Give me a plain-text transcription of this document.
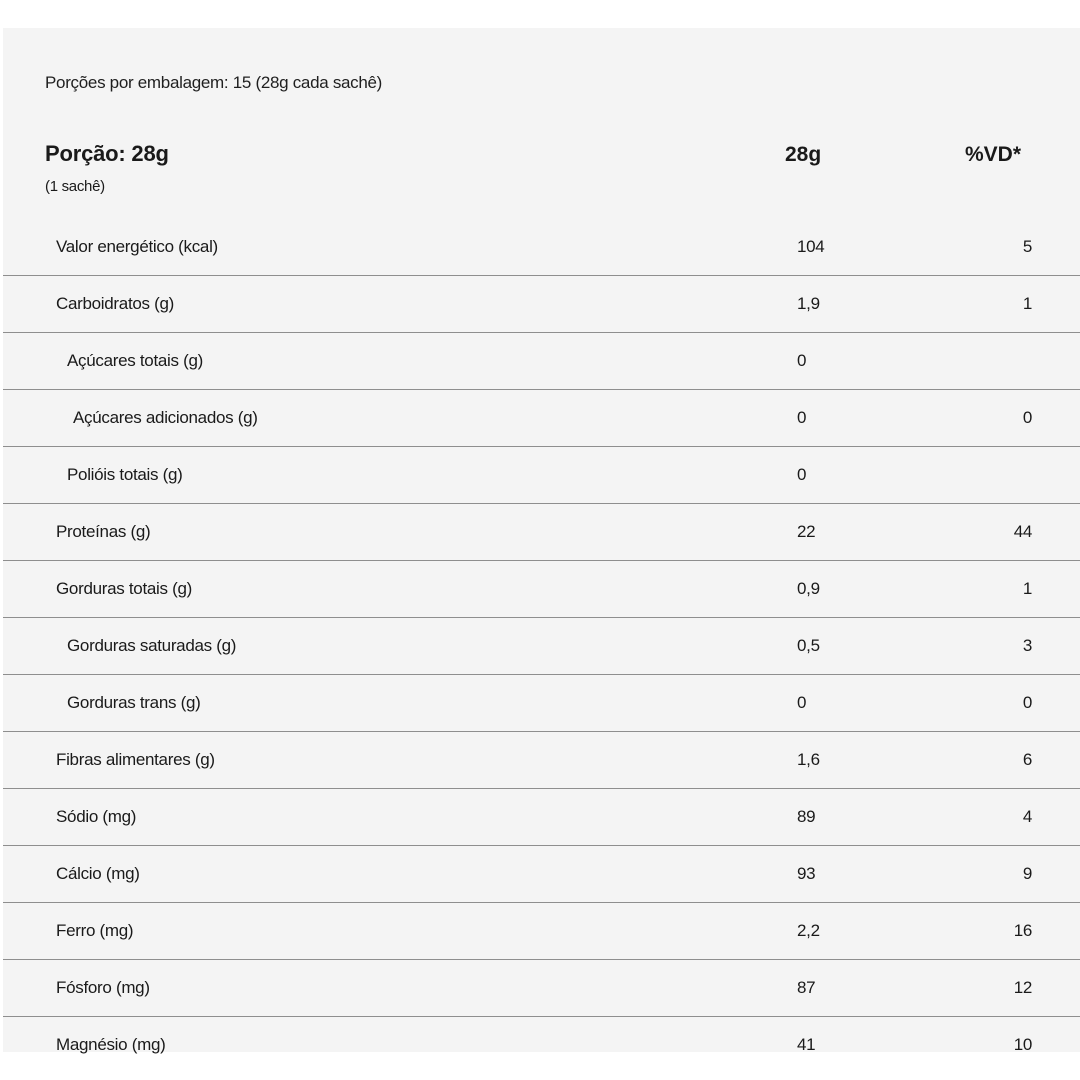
Porções por embalagem: 15 (28g cada sachê)
Porção: 28g
(1 sachê)
28g	%VD*
Valor energético (kcal)	104	5
Carboidratos (g)	1,9	1
Açúcares totais (g)	0
Açúcares adicionados (g)	0	0
Polióis totais (g)	0
Proteínas (g)	22	44
Gorduras totais (g)	0,9	1
Gorduras saturadas (g)	0,5	3
Gorduras trans (g)	0	0
Fibras alimentares (g)	1,6	6
Sódio (mg)	89	4
Cálcio (mg)	93	9
Ferro (mg)	2,2	16
Fósforo (mg)	87	12
Magnésio (mg)	41	10
